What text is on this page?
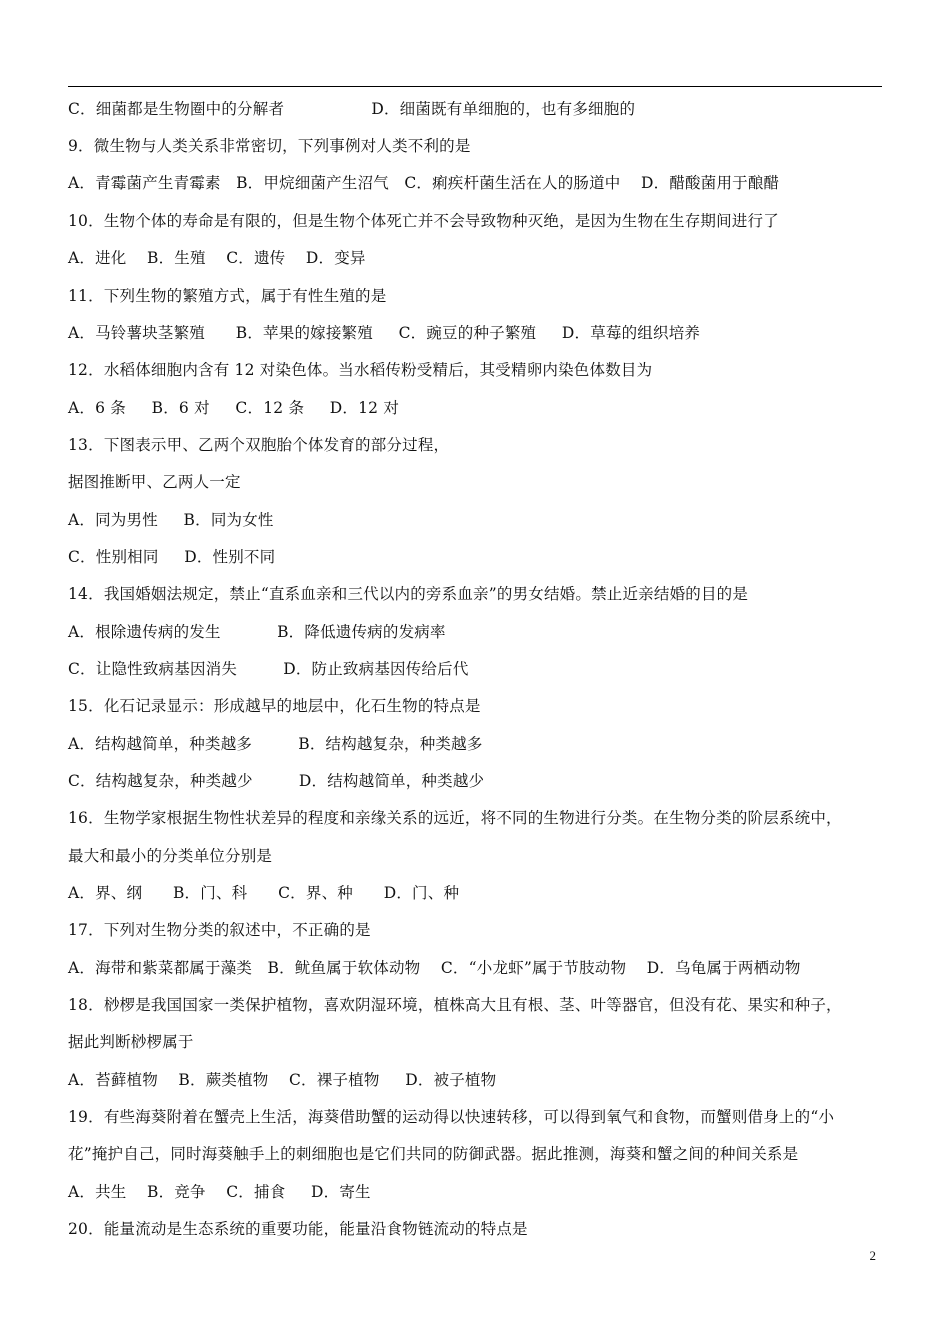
C．细菌都是生物圈中的分解者                 D．细菌既有单细胞的，也有多细胞的
9．微生物与人类关系非常密切，下列事例对人类不利的是
A．青霉菌产生青霉素   B．甲烷细菌产生沼气   C．痢疾杆菌生活在人的肠道中    D．醋酸菌用于酿醋
10．生物个体的寿命是有限的，但是生物个体死亡并不会导致物种灭绝，是因为生物在生存期间进行了
A．进化    B．生殖    C．遗传    D．变异
11．下列生物的繁殖方式，属于有性生殖的是
A．马铃薯块茎繁殖      B．苹果的嫁接繁殖     C．豌豆的种子繁殖     D．草莓的组织培养
12．水稻体细胞内含有 12 对染色体。当水稻传粉受精后，其受精卵内染色体数目为
A．6 条     B．6 对     C．12 条     D．12 对
13．下图表示甲、乙两个双胞胎个体发育的部分过程，
据图推断甲、乙两人一定
A．同为男性     B．同为女性
C．性别相同     D．性别不同
14．我国婚姻法规定，禁止“直系血亲和三代以内的旁系血亲”的男女结婚。禁止近亲结婚的目的是
A．根除遗传病的发生           B．降低遗传病的发病率
C．让隐性致病基因消失         D．防止致病基因传给后代
15．化石记录显示：形成越早的地层中，化石生物的特点是
A．结构越简单，种类越多         B．结构越复杂，种类越多
C．结构越复杂，种类越少         D．结构越简单，种类越少
16．生物学家根据生物性状差异的程度和亲缘关系的远近，将不同的生物进行分类。在生物分类的阶层系统中，
最大和最小的分类单位分别是
A．界、纲      B．门、科      C．界、种      D．门、种
17．下列对生物分类的叙述中，不正确的是
A．海带和紫菜都属于藻类   B．鱿鱼属于软体动物    C．“小龙虾”属于节肢动物    D．乌龟属于两栖动物
18．桫椤是我国国家一类保护植物，喜欢阴湿环境，植株高大且有根、茎、叶等器官，但没有花、果实和种子，
据此判断桫椤属于
A．苔藓植物    B．蕨类植物    C．裸子植物     D．被子植物
19．有些海葵附着在蟹壳上生活，海葵借助蟹的运动得以快速转移，可以得到氧气和食物，而蟹则借身上的“小
花”掩护自己，同时海葵触手上的刺细胞也是它们共同的防御武器。据此推测，海葵和蟹之间的种间关系是
A．共生    B．竞争    C．捕食     D．寄生
20．能量流动是生态系统的重要功能，能量沿食物链流动的特点是
2
